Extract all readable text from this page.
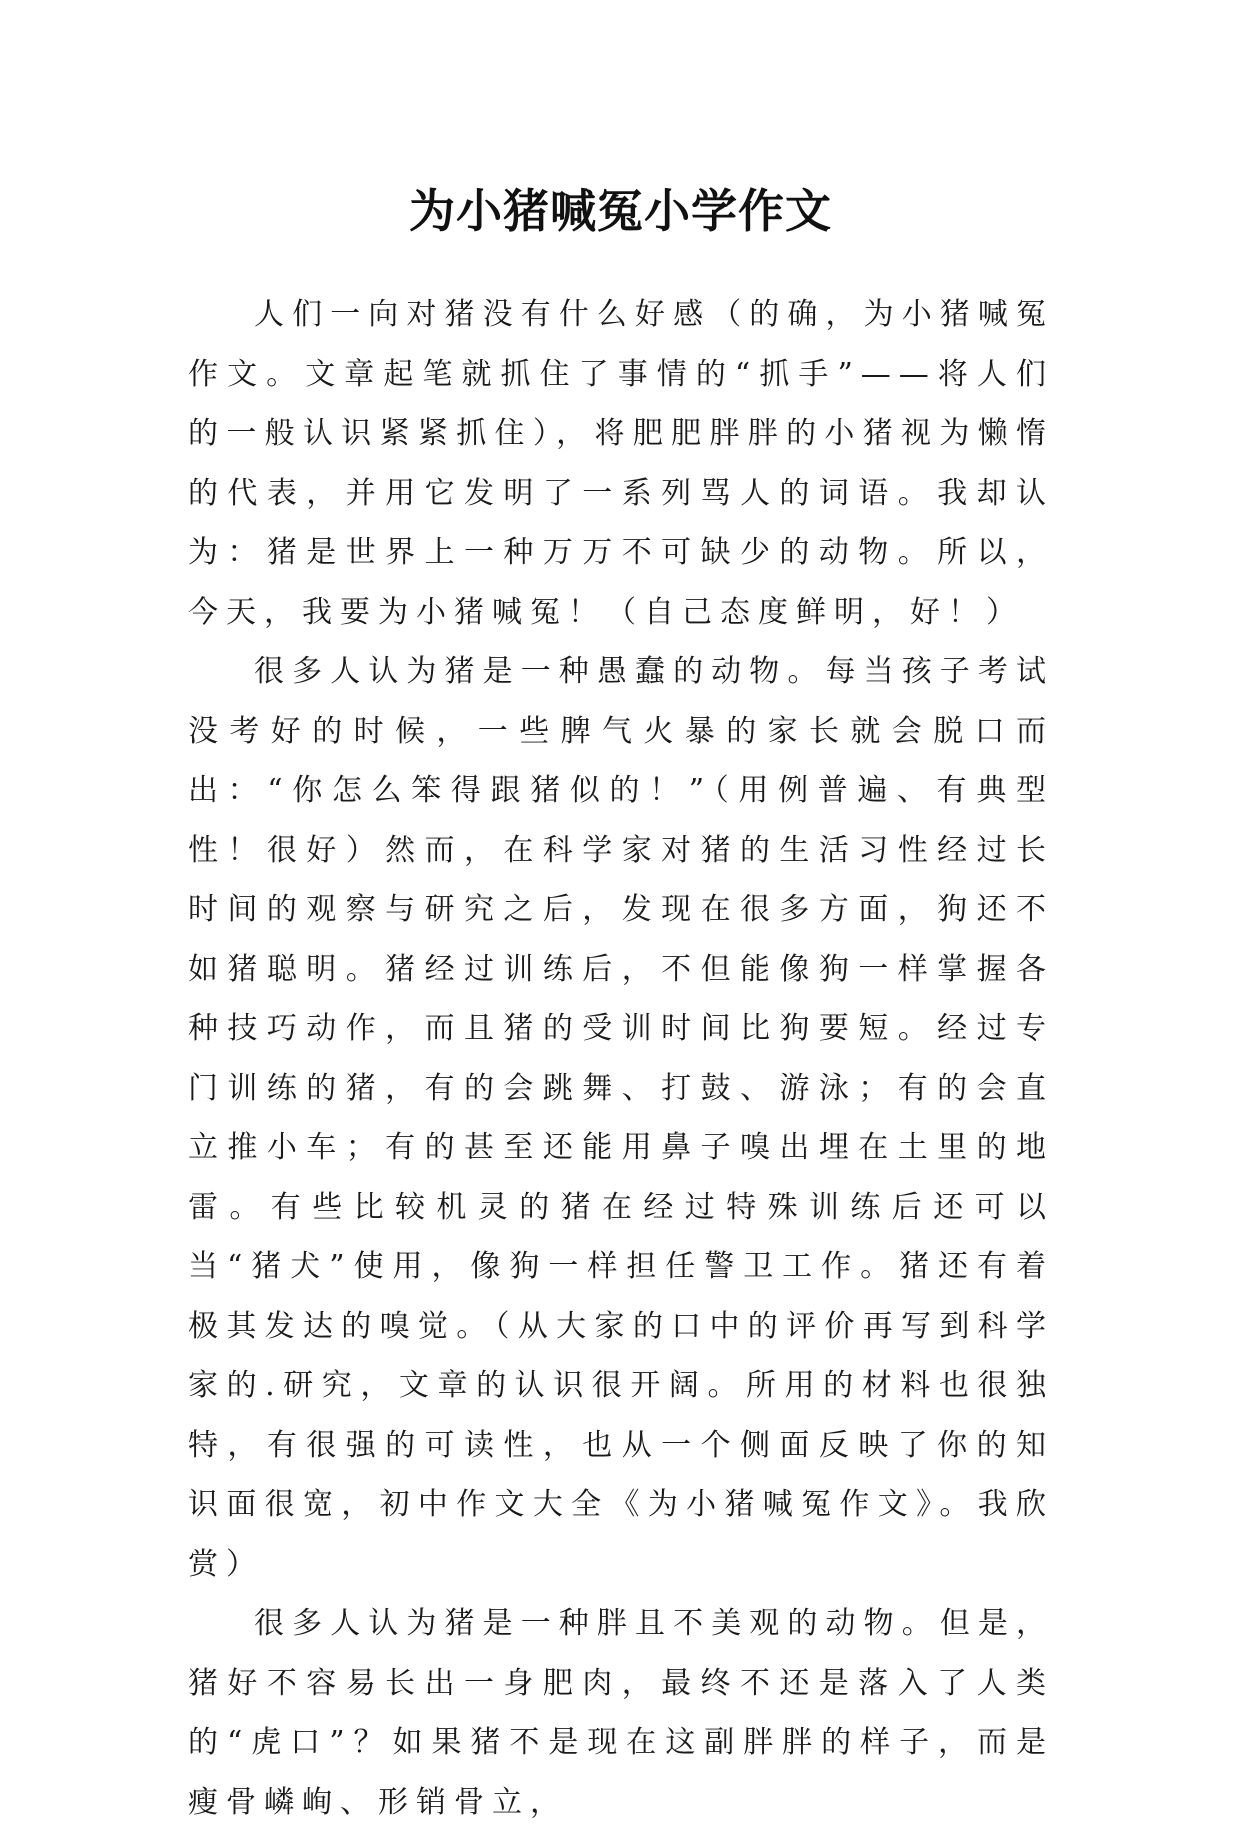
为小猪喊冤小学作文

人们一向对猪没有什么好感（的确，为小猪喊冤作文。文章起笔就抓住了事情的“抓手”——将人们的一般认识紧紧抓住），将肥肥胖胖的小猪视为懒惰的代表，并用它发明了一系列骂人的词语。我却认为：猪是世界上一种万万不可缺少的动物。所以，今天，我要为小猪喊冤！（自己态度鲜明，好！）

很多人认为猪是一种愚蠢的动物。每当孩子考试没考好的时候，一些脾气火暴的家长就会脱口而出：“你怎么笨得跟猪似的！”（用例普遍、有典型性！很好）然而，在科学家对猪的生活习性经过长时间的观察与研究之后，发现在很多方面，狗还不如猪聪明。猪经过训练后，不但能像狗一样掌握各种技巧动作，而且猪的受训时间比狗要短。经过专门训练的猪，有的会跳舞、打鼓、游泳；有的会直立推小车；有的甚至还能用鼻子嗅出埋在土里的地雷。有些比较机灵的猪在经过特殊训练后还可以当“猪犬”使用，像狗一样担任警卫工作。猪还有着极其发达的嗅觉。（从大家的口中的评价再写到科学家的.研究，文章的认识很开阔。所用的材料也很独特，有很强的可读性，也从一个侧面反映了你的知识面很宽，初中作文大全《为小猪喊冤作文》。我欣赏）

很多人认为猪是一种胖且不美观的动物。但是，猪好不容易长出一身肥肉，最终不还是落入了人类的“虎口”？如果猪不是现在这副胖胖的样子，而是瘦骨嶙峋、形销骨立，
